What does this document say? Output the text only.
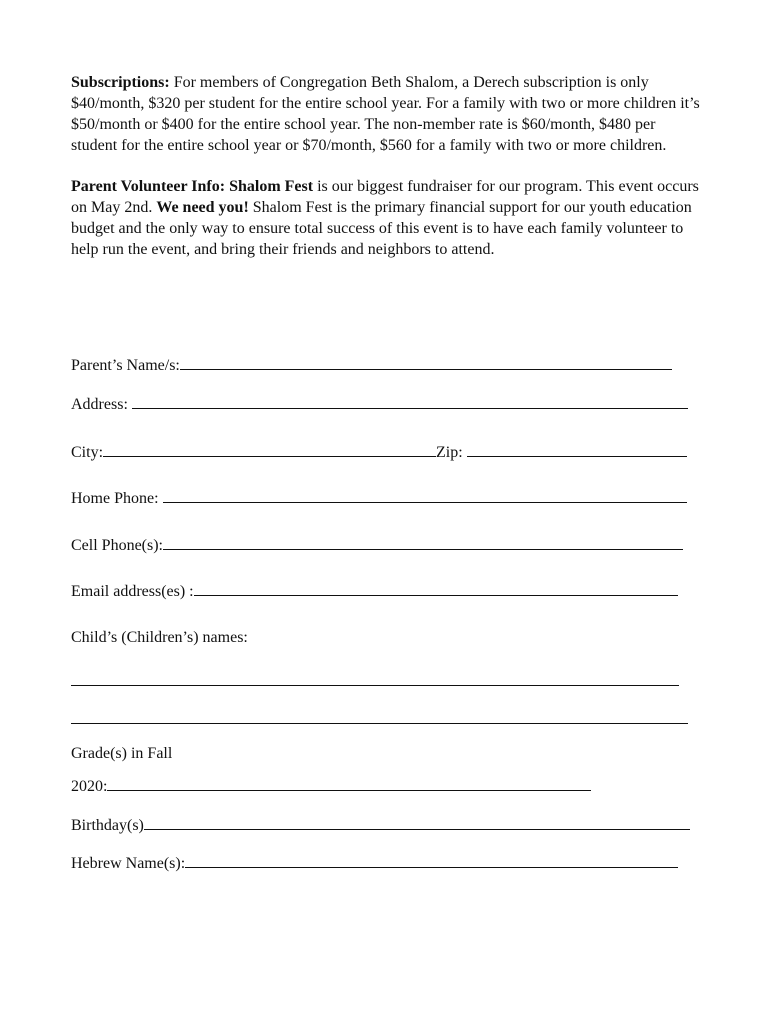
Subscriptions: For members of Congregation Beth Shalom, a Derech subscription is only $40/month, $320 per student for the entire school year. For a family with two or more children it’s $50/month or $400 for the entire school year. The non-member rate is $60/month, $480 per student for the entire school year or $70/month, $560 for a family with two or more children.

Parent Volunteer Info: Shalom Fest is our biggest fundraiser for our program. This event occurs on May 2nd. We need you! Shalom Fest is the primary financial support for our youth education budget and the only way to ensure total success of this event is to have each family volunteer to help run the event, and bring their friends and neighbors to attend.

Parent’s Name/s:
Address:
City:	Zip:
Home Phone:
Cell Phone(s):
Email address(es) :
Child’s (Children’s) names:
Grade(s) in Fall
2020:
Birthday(s)
Hebrew Name(s):
